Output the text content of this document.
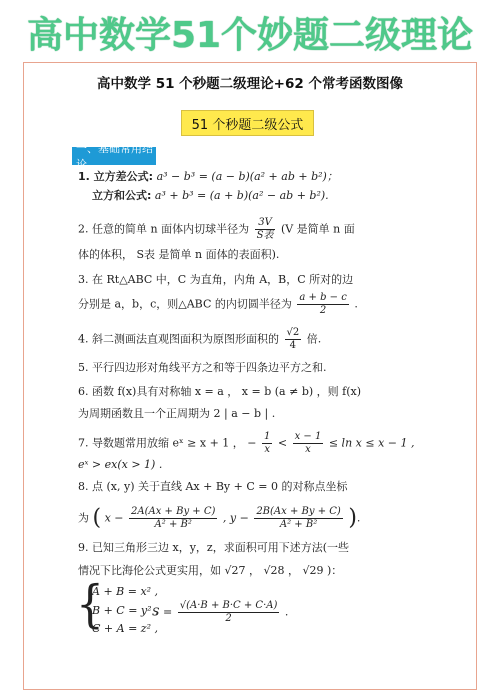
高中数学51个妙题二级理论
高中数学 51 个秒题二级理论+62 个常考函数图像
51 个秒题二级公式
一、基础常用结论
1. 立方差公式: a³ − b³ = (a − b)(a² + ab + b²)；
立方和公式: a³ + b³ = (a + b)(a² − ab + b²).
2. 任意的简单 n 面体内切球半径为 $\frac{3V}{\text{S表}} (V$ 是简单 n 面
体的体积， S表 是简单 n 面体的表面积).
3. 在 Rt△ABC 中，C 为直角，内角 A，B，C 所对的边
分别是 a，b，c，则△ABC 的内切圆半径为 $\frac{a + b - c}{2}$ .
4. 斜二测画法直观图面积为原图形面积的 $\frac{√2}{4}$ 倍.
5. 平行四边形对角线平方之和等于四条边平方之和.
6. 函数 f(x)具有对称轴 x = a ， x = b (a ≠ b) ，则 f(x)
为周期函数且一个正周期为 2 | a − b | .
7. 导数题常用放缩 eˣ ≥ x + 1 ， − $\frac{1}{x} < \frac{x - 1}{x} \le \ln x \le x - 1$ ,
eˣ > ex(x > 1) .
8. 点 (x, y) 关于直线 Ax + By + C = 0 的对称点坐标
为 ( $x - \frac{2A(Ax + By + C)}{\text{A² + B²}}$ , $y - \frac{2B(Ax + By + C)}{\text{A² + B²}}$ ).
9. 已知三角形三边 x，y，z，求面积可用下述方法(一些
情况下比海伦公式更实用，如 √27 ， √28 ， √29 )：
{
A + B = x² ,
B + C = y² ,
C + A = z² ,
$S = \frac{√(A\cdot B + B\cdot C + C\cdot A)}{2}$ .
